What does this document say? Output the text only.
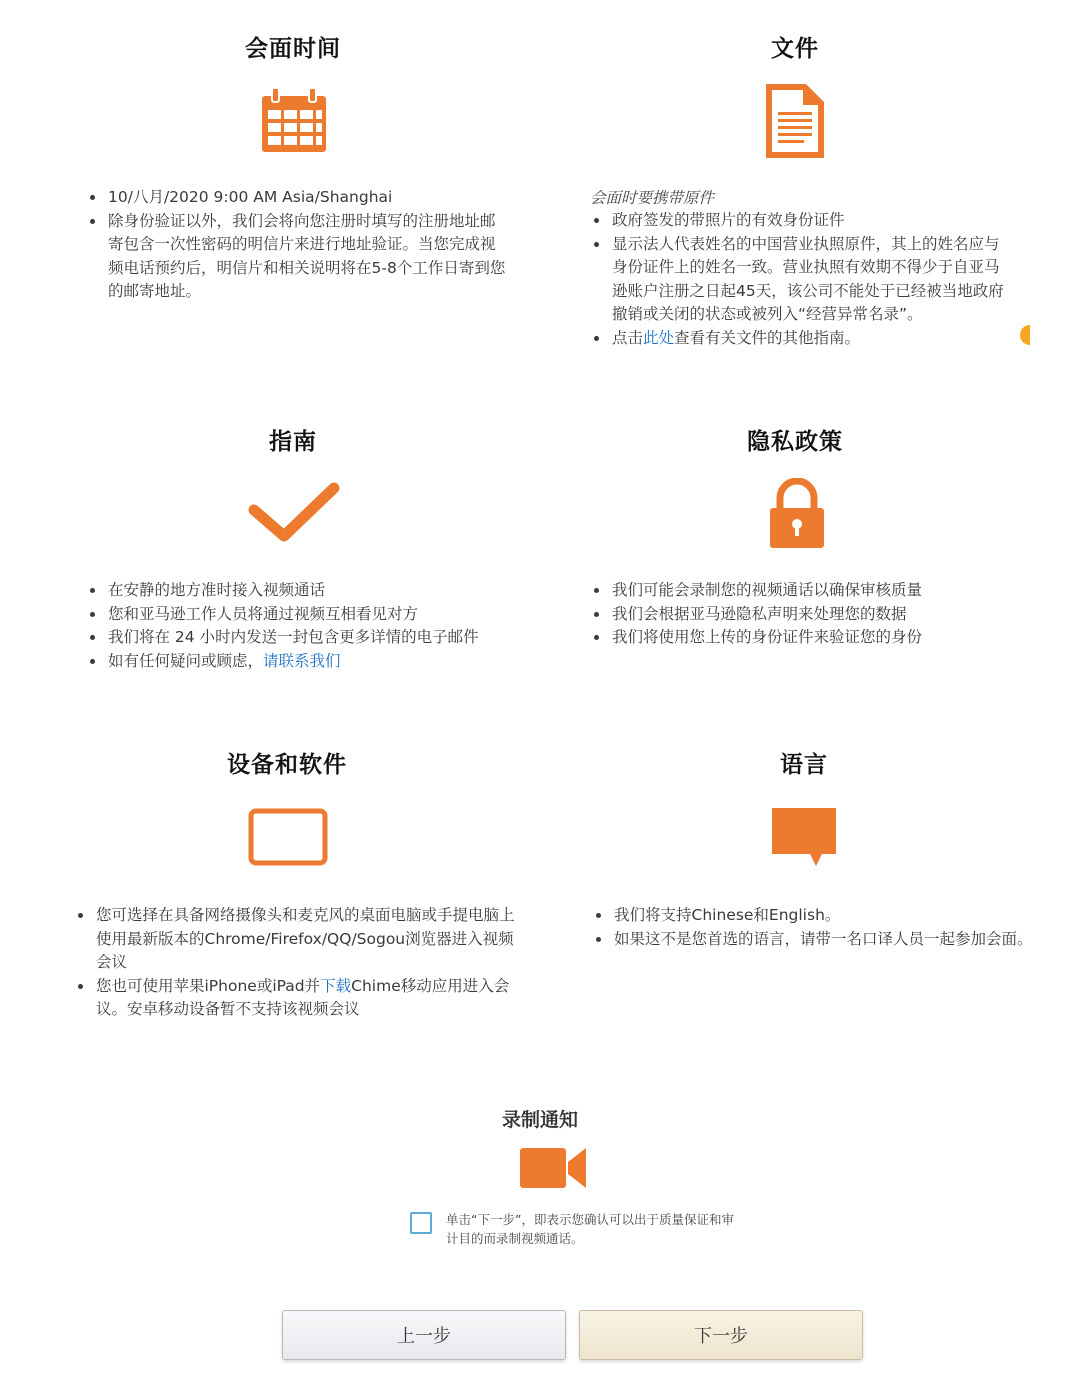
会面时间
• 10/八月/2020 9:00 AM Asia/Shanghai
• 除身份验证以外，我们会将向您注册时填写的注册地址邮寄包含一次性密码的明信片来进行地址验证。当您完成视频电话预约后，明信片和相关说明将在5-8个工作日寄到您的邮寄地址。
文件
会面时要携带原件
• 政府签发的带照片的有效身份证件
• 显示法人代表姓名的中国营业执照原件，其上的姓名应与身份证件上的姓名一致。营业执照有效期不得少于自亚马逊账户注册之日起45天，该公司不能处于已经被当地政府撤销或关闭的状态或被列入“经营异常名录”。
• 点击此处查看有关文件的其他指南。
指南
• 在安静的地方准时接入视频通话
• 您和亚马逊工作人员将通过视频互相看见对方
• 我们将在 24 小时内发送一封包含更多详情的电子邮件
• 如有任何疑问或顾虑，请联系我们
隐私政策
• 我们可能会录制您的视频通话以确保审核质量
• 我们会根据亚马逊隐私声明来处理您的数据
• 我们将使用您上传的身份证件来验证您的身份
设备和软件
• 您可选择在具备网络摄像头和麦克风的桌面电脑或手提电脑上使用最新版本的Chrome/Firefox/QQ/Sogou浏览器进入视频会议
• 您也可使用苹果iPhone或iPad并下载Chime移动应用进入会议。安卓移动设备暂不支持该视频会议
语言
• 我们将支持Chinese和English。
• 如果这不是您首选的语言，请带一名口译人员一起参加会面。
录制通知
单击“下一步”，即表示您确认可以出于质量保证和审计目的而录制视频通话。
上一步	下一步
